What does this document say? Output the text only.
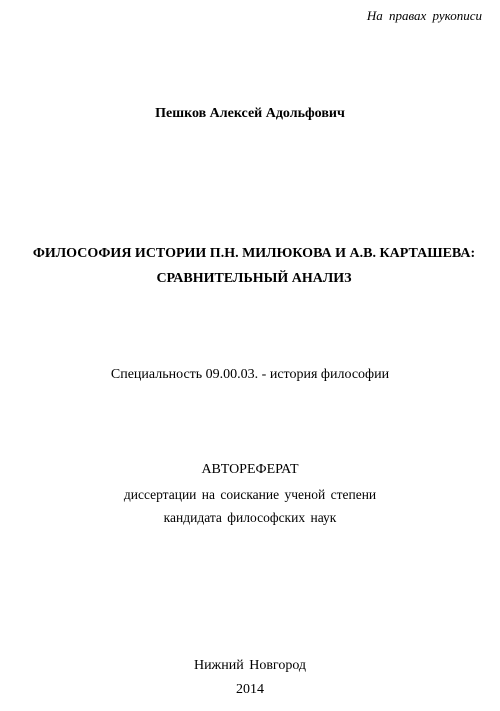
На правах рукописи
Пешков Алексей Адольфович
ФИЛОСОФИЯ ИСТОРИИ П.Н. МИЛЮКОВА И А.В. КАРТАШЕВА:
СРАВНИТЕЛЬНЫЙ АНАЛИЗ
Специальность 09.00.03. - история философии
АВТОРЕФЕРАТ
диссертации на соискание ученой степени
кандидата философских наук
Нижний Новгород
2014
